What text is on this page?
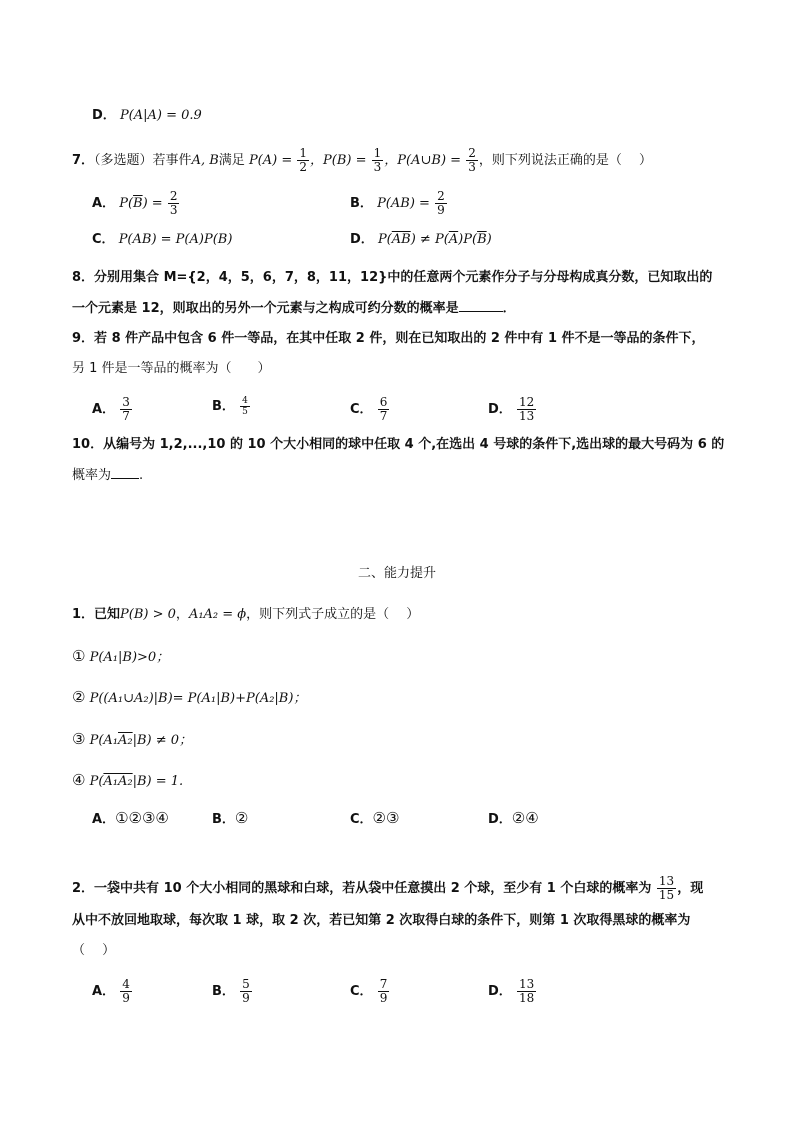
D． P(A|A) = 0.9
7．（多选题）若事件A, B满足 $P(A) = \frac{1}{2}$ ，$P(B) = \frac{1}{3}$ ，P(A∪B) = $\frac{2}{3}$ ，则下列说法正确的是（　 ）
A． $P(\overline{B}) = \frac{2}{3}$	B． $P(AB) = \frac{2}{9}$
C． P(AB) = P(A)P(B)	D． $P(\overline{AB}) \ne P(\overline{A})P(\overline{B})$
8．分别用集合 M={2，4，5，6，7，8，11，12}中的任意两个元素作分子与分母构成真分数，已知取出的
一个元素是 12，则取出的另外一个元素与之构成可约分数的概率是	．
9．若 8 件产品中包含 6 件一等品，在其中任取 2 件，则在已知取出的 2 件中有 1 件不是一等品的条件下，
另 1 件是一等品的概率为（　　）
A． $\frac{3}{7}$	B． $\frac{4}{5}$	C． $\frac{6}{7}$	D． $\frac{12}{13}$
10．从编号为 1,2,...,10 的 10 个大小相同的球中任取 4 个,在选出 4 号球的条件下,选出球的最大号码为 6 的
概率为 .
二、能力提升
1．已知P(B) > 0，A₁A₂ = ϕ，则下列式子成立的是（　 ）
① P(A₁|B)>0；
② P((A₁∪A₂)|B)= P(A₁|B)+P(A₂|B)；
③ P(A₁A₂|B) ≠ 0；
④ P(A₁A₂|B) = 1.
A．①②③④	B．②	C．②③	D．②④
2．一袋中共有 10 个大小相同的黑球和白球，若从袋中任意摸出 2 个球，至少有 1 个白球的概率为 $\frac{13}{15}$ ，现
从中不放回地取球，每次取 1 球，取 2 次，若已知第 2 次取得白球的条件下，则第 1 次取得黑球的概率为
（　 ）
A． $\frac{4}{9}$	B． $\frac{5}{9}$	C． $\frac{7}{9}$	D． $\frac{13}{18}$
